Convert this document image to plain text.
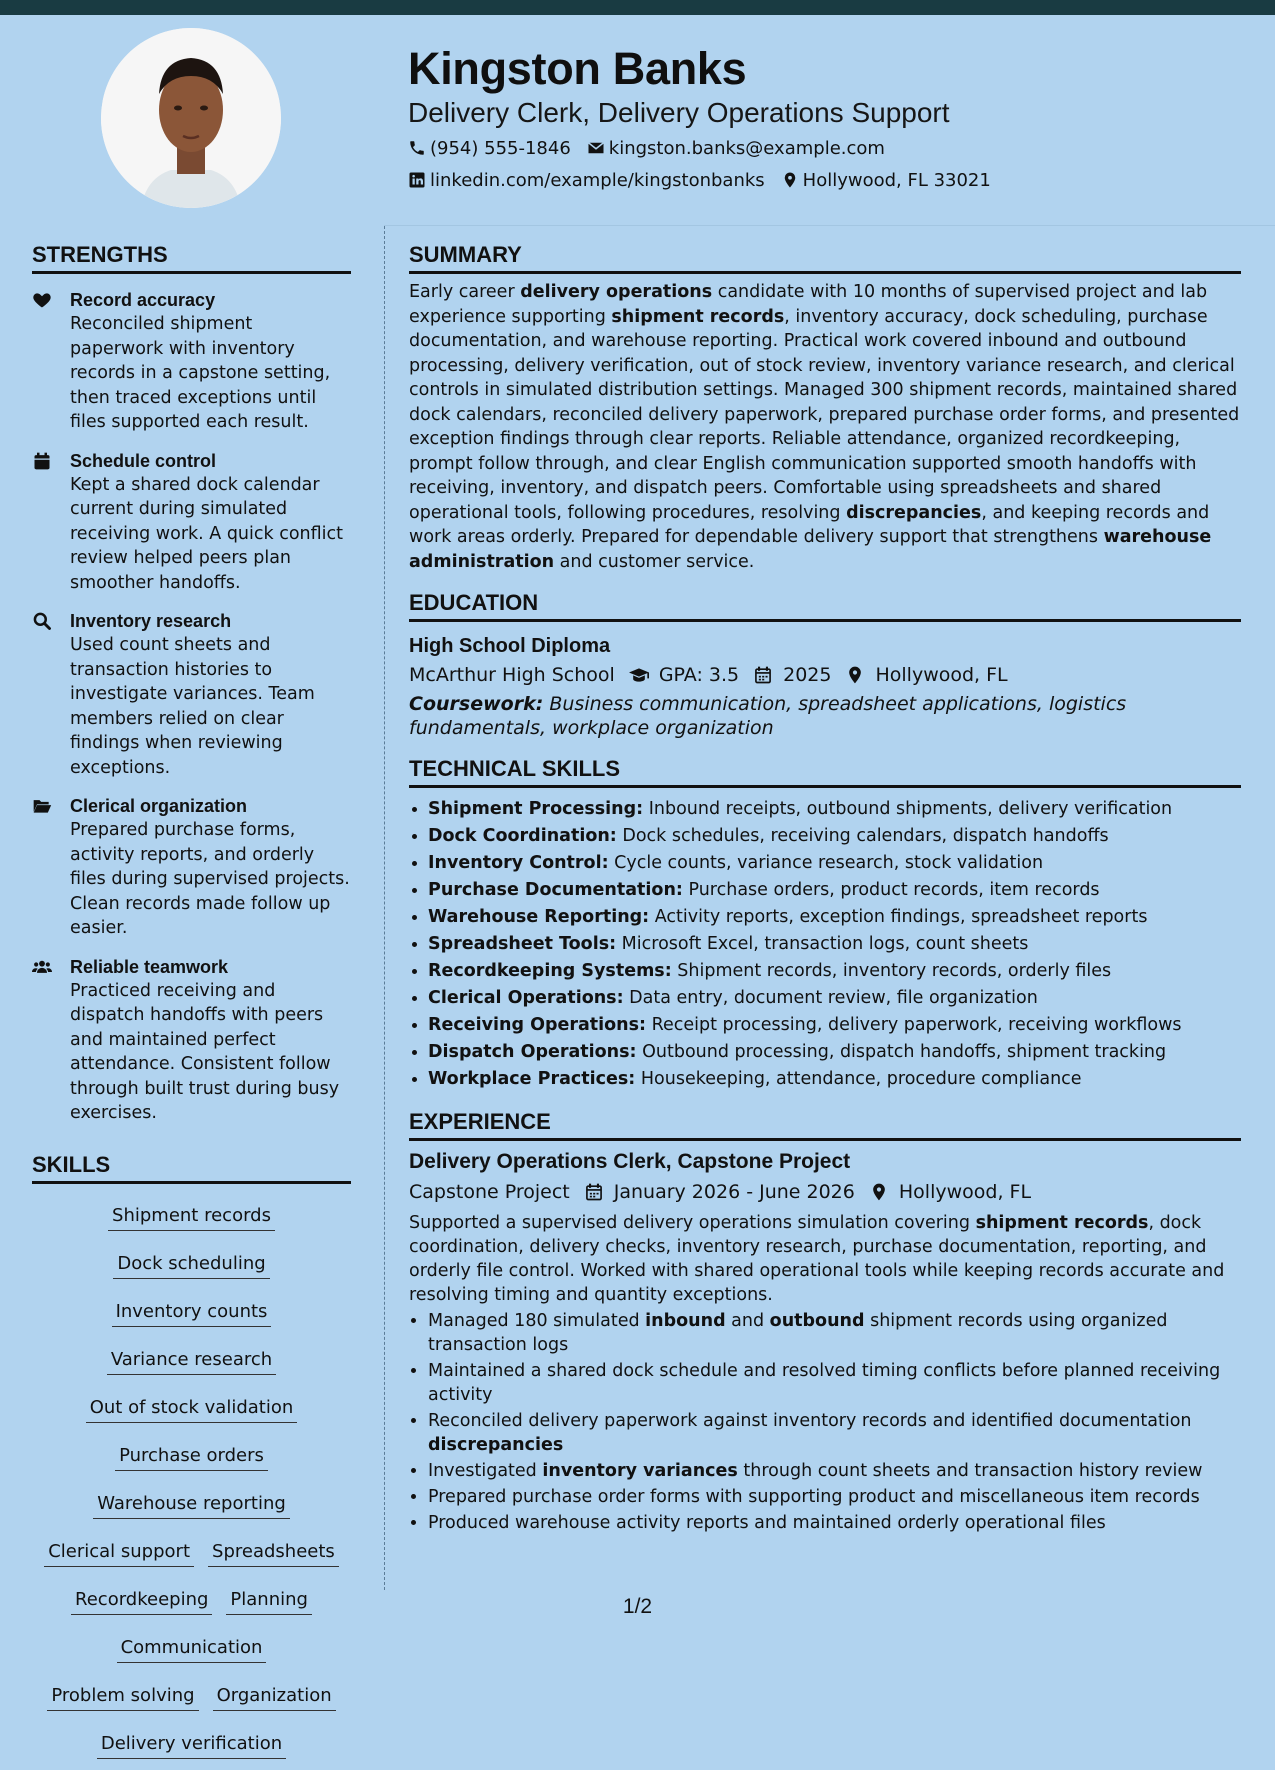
Kingston Banks
Delivery Clerk, Delivery Operations Support
(954) 555-1846 kingston.banks@example.com
linkedin.com/example/kingstonbanks Hollywood, FL 33021
STRENGTHS
Record accuracy
Reconciled shipment paperwork with inventory records in a capstone setting, then traced exceptions until files supported each result.
Schedule control
Kept a shared dock calendar current during simulated receiving work. A quick conflict review helped peers plan smoother handoffs.
Inventory research
Used count sheets and transaction histories to investigate variances. Team members relied on clear findings when reviewing exceptions.
Clerical organization
Prepared purchase forms, activity reports, and orderly files during supervised projects. Clean records made follow up easier.
Reliable teamwork
Practiced receiving and dispatch handoffs with peers and maintained perfect attendance. Consistent follow through built trust during busy exercises.
SKILLS
Shipment records
Dock scheduling
Inventory counts
Variance research
Out of stock validation
Purchase orders
Warehouse reporting
Clerical support Spreadsheets
Recordkeeping Planning
Communication
Problem solving Organization
Delivery verification
SUMMARY
Early career delivery operations candidate with 10 months of supervised project and lab experience supporting shipment records, inventory accuracy, dock scheduling, purchase documentation, and warehouse reporting. Practical work covered inbound and outbound processing, delivery verification, out of stock review, inventory variance research, and clerical controls in simulated distribution settings. Managed 300 shipment records, maintained shared dock calendars, reconciled delivery paperwork, prepared purchase order forms, and presented exception findings through clear reports. Reliable attendance, organized recordkeeping, prompt follow through, and clear English communication supported smooth handoffs with receiving, inventory, and dispatch peers. Comfortable using spreadsheets and shared operational tools, following procedures, resolving discrepancies, and keeping records and work areas orderly. Prepared for dependable delivery support that strengthens warehouse administration and customer service.
EDUCATION
High School Diploma
McArthur High School GPA: 3.5 2025 Hollywood, FL
Coursework: Business communication, spreadsheet applications, logistics fundamentals, workplace organization
TECHNICAL SKILLS
• Shipment Processing: Inbound receipts, outbound shipments, delivery verification
• Dock Coordination: Dock schedules, receiving calendars, dispatch handoffs
• Inventory Control: Cycle counts, variance research, stock validation
• Purchase Documentation: Purchase orders, product records, item records
• Warehouse Reporting: Activity reports, exception findings, spreadsheet reports
• Spreadsheet Tools: Microsoft Excel, transaction logs, count sheets
• Recordkeeping Systems: Shipment records, inventory records, orderly files
• Clerical Operations: Data entry, document review, file organization
• Receiving Operations: Receipt processing, delivery paperwork, receiving workflows
• Dispatch Operations: Outbound processing, dispatch handoffs, shipment tracking
• Workplace Practices: Housekeeping, attendance, procedure compliance
EXPERIENCE
Delivery Operations Clerk, Capstone Project
Capstone Project January 2026 - June 2026 Hollywood, FL
Supported a supervised delivery operations simulation covering shipment records, dock coordination, delivery checks, inventory research, purchase documentation, reporting, and orderly file control. Worked with shared operational tools while keeping records accurate and resolving timing and quantity exceptions.
• Managed 180 simulated inbound and outbound shipment records using organized transaction logs
• Maintained a shared dock schedule and resolved timing conflicts before planned receiving activity
• Reconciled delivery paperwork against inventory records and identified documentation discrepancies
• Investigated inventory variances through count sheets and transaction history review
• Prepared purchase order forms with supporting product and miscellaneous item records
• Produced warehouse activity reports and maintained orderly operational files
1/2
